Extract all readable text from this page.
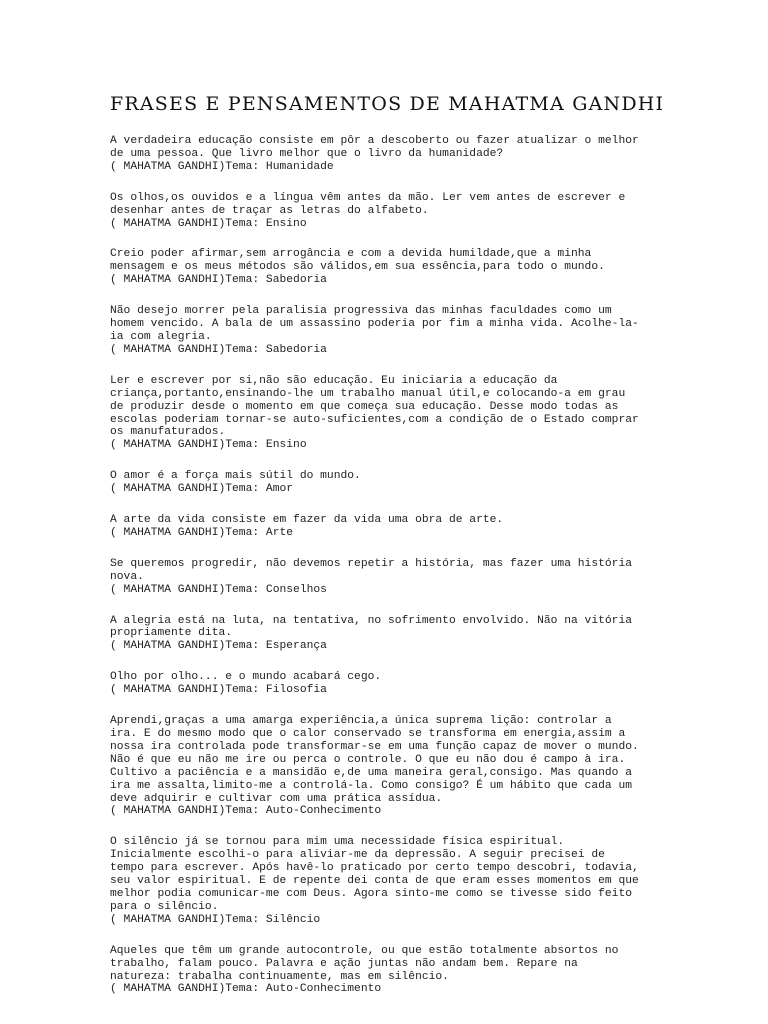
FRASES E PENSAMENTOS DE MAHATMA GANDHI
A verdadeira educação consiste em pôr a descoberto ou fazer atualizar o melhor
de uma pessoa. Que livro melhor que o livro da humanidade?
( MAHATMA GANDHI)Tema: Humanidade
Os olhos,os ouvidos e a língua vêm antes da mão. Ler vem antes de escrever e
desenhar antes de traçar as letras do alfabeto.
( MAHATMA GANDHI)Tema: Ensino
Creio poder afirmar,sem arrogância e com a devida humildade,que a minha
mensagem e os meus métodos são válidos,em sua essência,para todo o mundo.
( MAHATMA GANDHI)Tema: Sabedoria
Não desejo morrer pela paralisia progressiva das minhas faculdades como um
homem vencido. A bala de um assassino poderia por fim a minha vida. Acolhe-la-
ia com alegria.
( MAHATMA GANDHI)Tema: Sabedoria
Ler e escrever por si,não são educação. Eu iniciaria a educação da
criança,portanto,ensinando-lhe um trabalho manual útil,e colocando-a em grau
de produzir desde o momento em que começa sua educação. Desse modo todas as
escolas poderiam tornar-se auto-suficientes,com a condição de o Estado comprar
os manufaturados.
( MAHATMA GANDHI)Tema: Ensino
O amor é a força mais sútil do mundo.
( MAHATMA GANDHI)Tema: Amor
A arte da vida consiste em fazer da vida uma obra de arte.
( MAHATMA GANDHI)Tema: Arte
Se queremos progredir, não devemos repetir a história, mas fazer uma história
nova.
( MAHATMA GANDHI)Tema: Conselhos
A alegria está na luta, na tentativa, no sofrimento envolvido. Não na vitória
propriamente dita.
( MAHATMA GANDHI)Tema: Esperança
Olho por olho... e o mundo acabará cego.
( MAHATMA GANDHI)Tema: Filosofia
Aprendi,graças a uma amarga experiência,a única suprema lição: controlar a
ira. E do mesmo modo que o calor conservado se transforma em energia,assim a
nossa ira controlada pode transformar-se em uma função capaz de mover o mundo.
Não é que eu não me ire ou perca o controle. O que eu não dou é campo à ira.
Cultivo a paciência e a mansidão e,de uma maneira geral,consigo. Mas quando a
ira me assalta,limito-me a controlá-la. Como consigo? É um hábito que cada um
deve adquirir e cultivar com uma prática assídua.
( MAHATMA GANDHI)Tema: Auto-Conhecimento
O silêncio já se tornou para mim uma necessidade física espiritual.
Inicialmente escolhi-o para aliviar-me da depressão. A seguir precisei de
tempo para escrever. Após havê-lo praticado por certo tempo descobri, todavia,
seu valor espiritual. E de repente dei conta de que eram esses momentos em que
melhor podia comunicar-me com Deus. Agora sinto-me como se tivesse sido feito
para o silêncio.
( MAHATMA GANDHI)Tema: Silêncio
Aqueles que têm um grande autocontrole, ou que estão totalmente absortos no
trabalho, falam pouco. Palavra e ação juntas não andam bem. Repare na
natureza: trabalha continuamente, mas em silêncio.
( MAHATMA GANDHI)Tema: Auto-Conhecimento
